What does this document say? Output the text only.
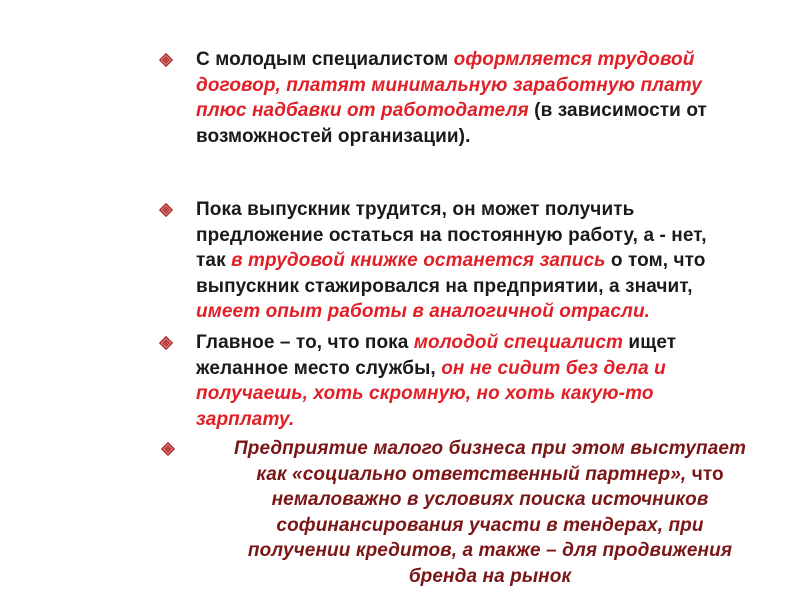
С молодым специалистом оформляется трудовой
договор, платят минимальную заработную плату
плюс надбавки от работодателя (в зависимости от
возможностей организации).
Пока выпускник трудится, он может получить
предложение остаться на постоянную работу, а - нет,
так в трудовой книжке останется запись о том, что
выпускник стажировался на предприятии, а значит,
имеет опыт работы в аналогичной отрасли.
Главное – то, что пока молодой специалист ищет
желанное место службы, он не сидит без дела и
получаешь, хоть скромную, но хоть какую-то
зарплату.
Предприятие малого бизнеса при этом выступает
как «социально ответственный партнер», что
немаловажно в условиях поиска источников
софинансирования участи в тендерах, при
получении кредитов, а также – для продвижения
бренда на рынок
